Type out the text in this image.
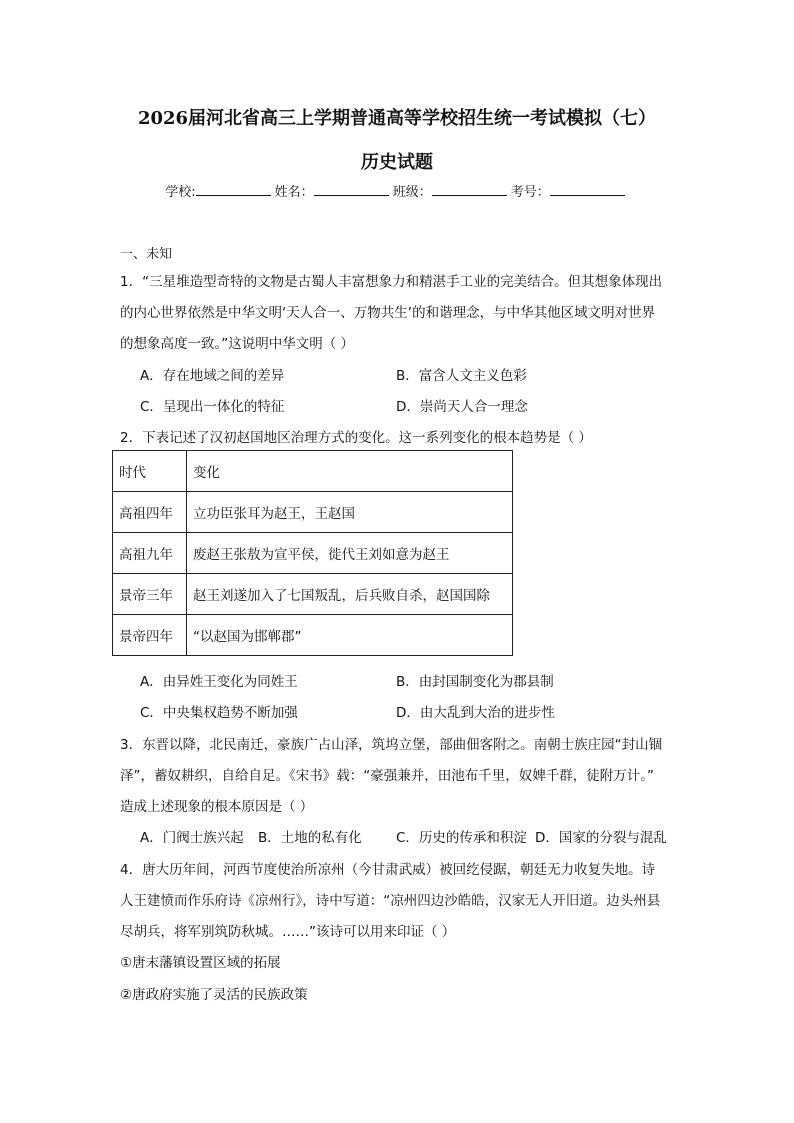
2026届河北省高三上学期普通高等学校招生统一考试模拟（七）
历史试题
学校:	姓名：	班级：	考号：
一、未知
1．“三星堆造型奇特的文物是古蜀人丰富想象力和精湛手工业的完美结合。但其想象体现出
的内心世界依然是中华文明‘天人合一、万物共生’的和谐理念，与中华其他区域文明对世界
的想象高度一致。”这说明中华文明（ ）
A．存在地域之间的差异	B．富含人文主义色彩
C．呈现出一体化的特征	D．崇尚天人合一理念
2．下表记述了汉初赵国地区治理方式的变化。这一系列变化的根本趋势是（ ）
时代	变化
高祖四年	立功臣张耳为赵王，王赵国
高祖九年	废赵王张敖为宣平侯，徙代王刘如意为赵王
景帝三年	赵王刘遂加入了七国叛乱，后兵败自杀，赵国国除
景帝四年	“以赵国为邯郸郡”
A．由异姓王变化为同姓王	B．由封国制变化为郡县制
C．中央集权趋势不断加强	D．由大乱到大治的进步性
3．东晋以降，北民南迁，豪族广占山泽，筑坞立堡，部曲佃客附之。南朝士族庄园“封山锢
泽”，蓄奴耕织，自给自足。《宋书》载：“豪强兼并，田池布千里，奴婢千群，徒附万计。”
造成上述现象的根本原因是（ ）
A．门阀士族兴起 B．土地的私有化	C．历史的传承和积淀 D．国家的分裂与混乱
4．唐大历年间，河西节度使治所凉州（今甘肃武威）被回纥侵踞，朝廷无力收复失地。诗
人王建愤而作乐府诗《凉州行》，诗中写道：“凉州四边沙皓皓，汉家无人开旧道。边头州县
尽胡兵，将军别筑防秋城。……”该诗可以用来印证（ ）
①唐末藩镇设置区域的拓展
②唐政府实施了灵活的民族政策
